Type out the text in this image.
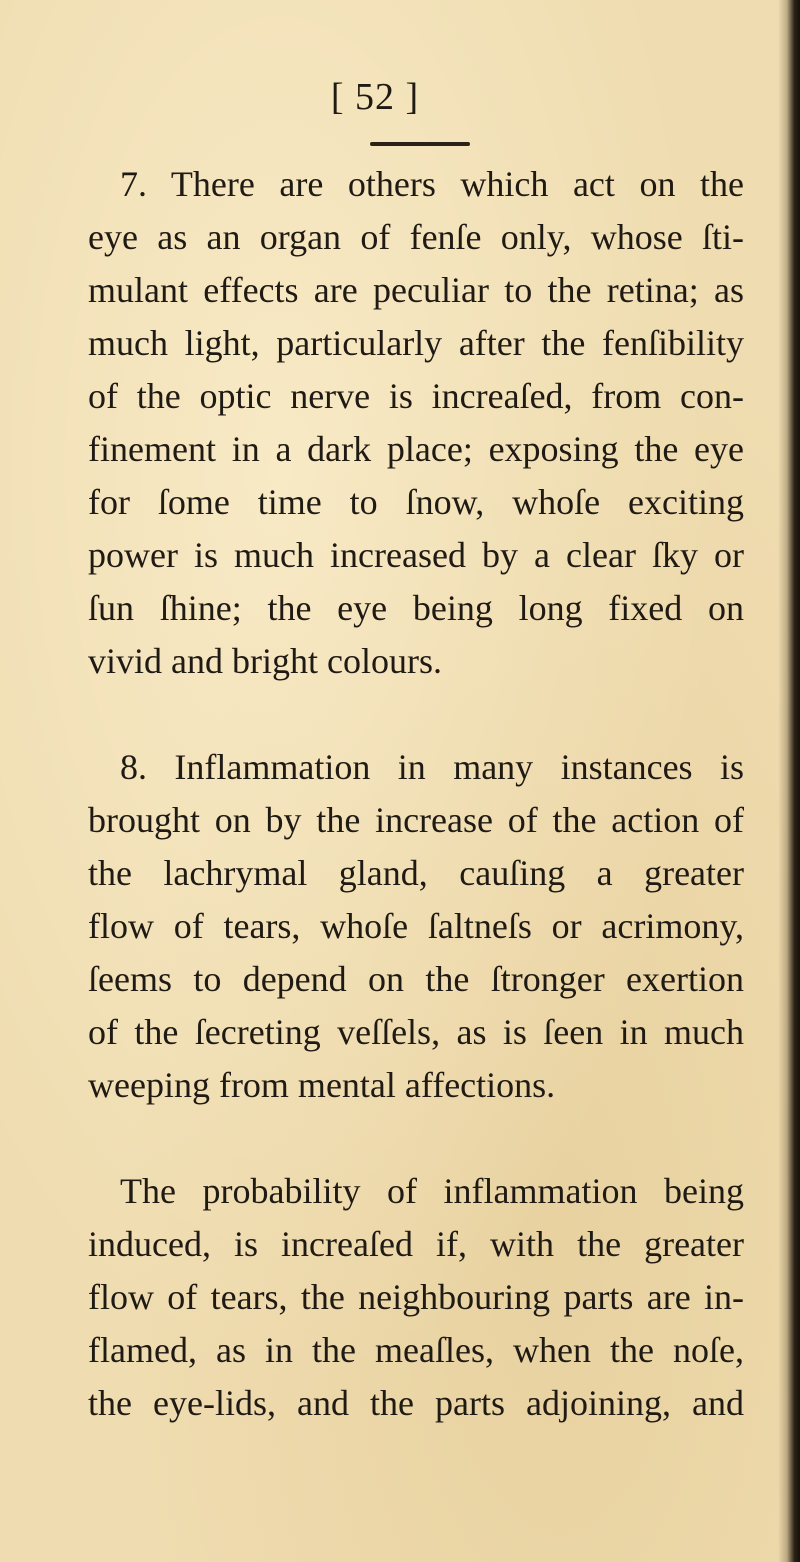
[ 52 ]
7. There are others which act on the
eye as an organ of fenſe only, whose ſti-
mulant effects are peculiar to the retina; as
much light, particularly after the fenſibility
of the optic nerve is increaſed, from con-
finement in a dark place; exposing the eye
for ſome time to ſnow, whoſe exciting
power is much increased by a clear ſky or
ſun ſhine; the eye being long fixed on
vivid and bright colours.
8. Inflammation in many instances is
brought on by the increase of the action of
the lachrymal gland, cauſing a greater
flow of tears, whoſe ſaltneſs or acrimony,
ſeems to depend on the ſtronger exertion
of the ſecreting veſſels, as is ſeen in much
weeping from mental affections.
The probability of inflammation being
induced, is increaſed if, with the greater
flow of tears, the neighbouring parts are in-
flamed, as in the meaſles, when the noſe,
the eye-lids, and the parts adjoining, and
